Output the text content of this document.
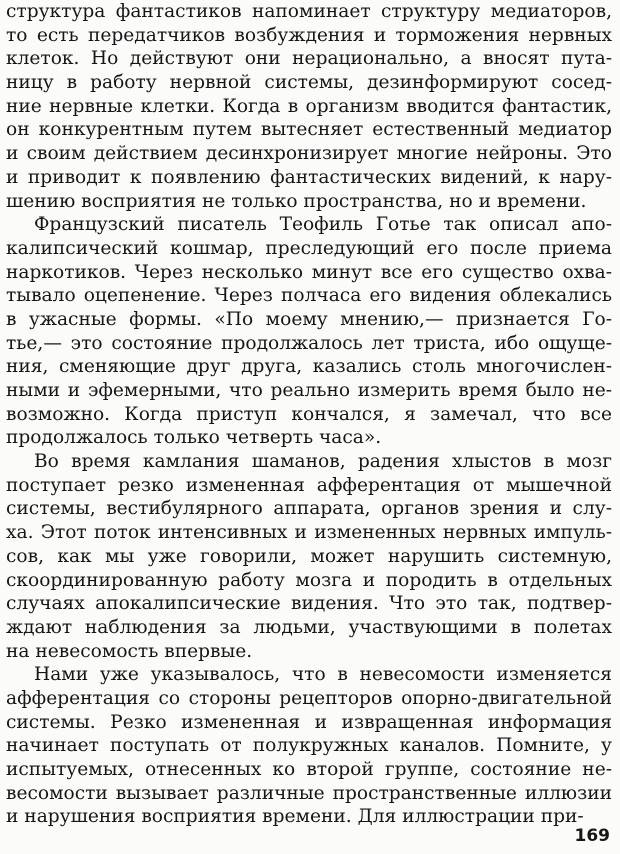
структура фантастиков напоминает структуру медиаторов,
то есть передатчиков возбуждения и торможения нервных
клеток. Но действуют они нерационально, а вносят пута-
ницу в работу нервной системы, дезинформируют сосед-
ние нервные клетки. Когда в организм вводится фантастик,
он конкурентным путем вытесняет естественный медиатор
и своим действием десинхронизирует многие нейроны. Это
и приводит к появлению фантастических видений, к нару-
шению восприятия не только пространства, но и времени.
Французский писатель Теофиль Готье так описал апо-
калипсический кошмар, преследующий его после приема
наркотиков. Через несколько минут все его существо охва-
тывало оцепенение. Через полчаса его видения облекались
в ужасные формы. «По моему мнению,— признается Го-
тье,— это состояние продолжалось лет триста, ибо ощуще-
ния, сменяющие друг друга, казались столь многочислен-
ными и эфемерными, что реально измерить время было не-
возможно. Когда приступ кончался, я замечал, что все
продолжалось только четверть часа».
Во время камлания шаманов, радения хлыстов в мозг
поступает резко измененная афферентация от мышечной
системы, вестибулярного аппарата, органов зрения и слу-
ха. Этот поток интенсивных и измененных нервных импуль-
сов, как мы уже говорили, может нарушить системную,
скоординированную работу мозга и породить в отдельных
случаях апокалипсические видения. Что это так, подтвер-
ждают наблюдения за людьми, участвующими в полетах
на невесомость впервые.
Нами уже указывалось, что в невесомости изменяется
афферентация со стороны рецепторов опорно-двигательной
системы. Резко измененная и извращенная информация
начинает поступать от полукружных каналов. Помните, у
испытуемых, отнесенных ко второй группе, состояние не-
весомости вызывает различные пространственные иллюзии
и нарушения восприятия времени. Для иллюстрации при-
169
